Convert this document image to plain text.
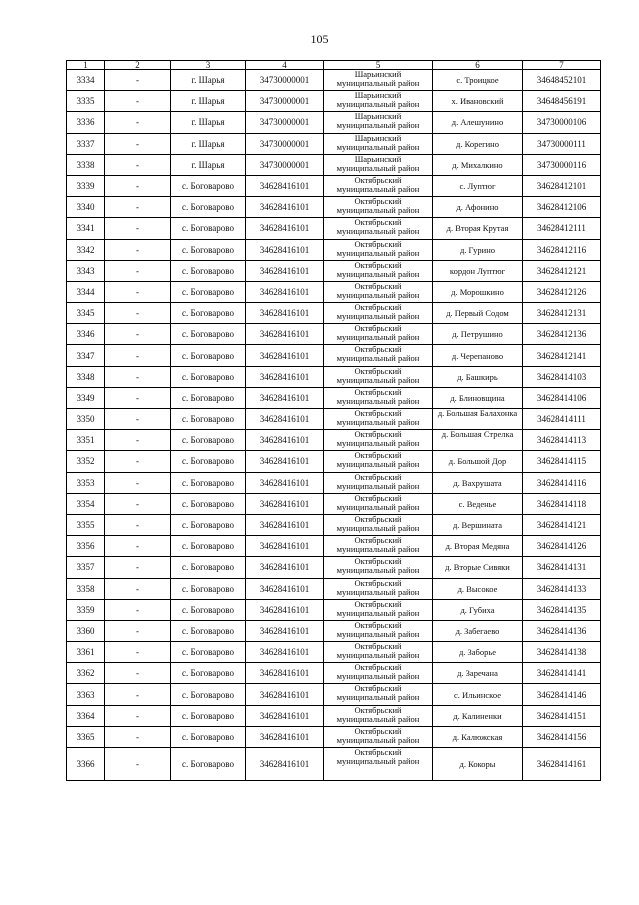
105
1	2	3	4	5	6	7
3334	-	г. Шарья	34730000001	Шарьинский муниципальный район	с. Троицкое	34648452101
3335	-	г. Шарья	34730000001	Шарьинский муниципальный район	х. Ивановский	34648456191
3336	-	г. Шарья	34730000001	Шарьинский муниципальный район	д. Алешунино	34730000106
3337	-	г. Шарья	34730000001	Шарьинский муниципальный район	д. Корегино	34730000111
3338	-	г. Шарья	34730000001	Шарьинский муниципальный район	д. Михалкино	34730000116
3339	-	с. Боговарово	34628416101	Октябрьский муниципальный район	с. Луптюг	34628412101
3340	-	с. Боговарово	34628416101	Октябрьский муниципальный район	д. Афонино	34628412106
3341	-	с. Боговарово	34628416101	Октябрьский муниципальный район	д. Вторая Крутая	34628412111
3342	-	с. Боговарово	34628416101	Октябрьский муниципальный район	д. Гурино	34628412116
3343	-	с. Боговарово	34628416101	Октябрьский муниципальный район	кордон Луптюг	34628412121
3344	-	с. Боговарово	34628416101	Октябрьский муниципальный район	д. Морошкино	34628412126
3345	-	с. Боговарово	34628416101	Октябрьский муниципальный район	д. Первый Содом	34628412131
3346	-	с. Боговарово	34628416101	Октябрьский муниципальный район	д. Петрушино	34628412136
3347	-	с. Боговарово	34628416101	Октябрьский муниципальный район	д. Черепаново	34628412141
3348	-	с. Боговарово	34628416101	Октябрьский муниципальный район	д. Башкирь	34628414103
3349	-	с. Боговарово	34628416101	Октябрьский муниципальный район	д. Блиновщина	34628414106
3350	-	с. Боговарово	34628416101	Октябрьский муниципальный район	д. Большая Балахонка	34628414111
3351	-	с. Боговарово	34628416101	Октябрьский муниципальный район	д. Большая Стрелка	34628414113
3352	-	с. Боговарово	34628416101	Октябрьский муниципальный район	д. Большой Дор	34628414115
3353	-	с. Боговарово	34628416101	Октябрьский муниципальный район	д. Вахрушата	34628414116
3354	-	с. Боговарово	34628416101	Октябрьский муниципальный район	с. Веденье	34628414118
3355	-	с. Боговарово	34628416101	Октябрьский муниципальный район	д. Вершината	34628414121
3356	-	с. Боговарово	34628416101	Октябрьский муниципальный район	д. Вторая Медяна	34628414126
3357	-	с. Боговарово	34628416101	Октябрьский муниципальный район	д. Вторые Сивяки	34628414131
3358	-	с. Боговарово	34628416101	Октябрьский муниципальный район	д. Высокое	34628414133
3359	-	с. Боговарово	34628416101	Октябрьский муниципальный район	д. Губиха	34628414135
3360	-	с. Боговарово	34628416101	Октябрьский муниципальный район	д. Забегаево	34628414136
3361	-	с. Боговарово	34628416101	Октябрьский муниципальный район	д. Заборье	34628414138
3362	-	с. Боговарово	34628416101	Октябрьский муниципальный район	д. Заречана	34628414141
3363	-	с. Боговарово	34628416101	Октябрьский муниципальный район	с. Ильинское	34628414146
3364	-	с. Боговарово	34628416101	Октябрьский муниципальный район	д. Калиненки	34628414151
3365	-	с. Боговарово	34628416101	Октябрьский муниципальный район	д. Калюжская	34628414156
3366	-	с. Боговарово	34628416101	Октябрьский муниципальный район	д. Кокоры	34628414161
